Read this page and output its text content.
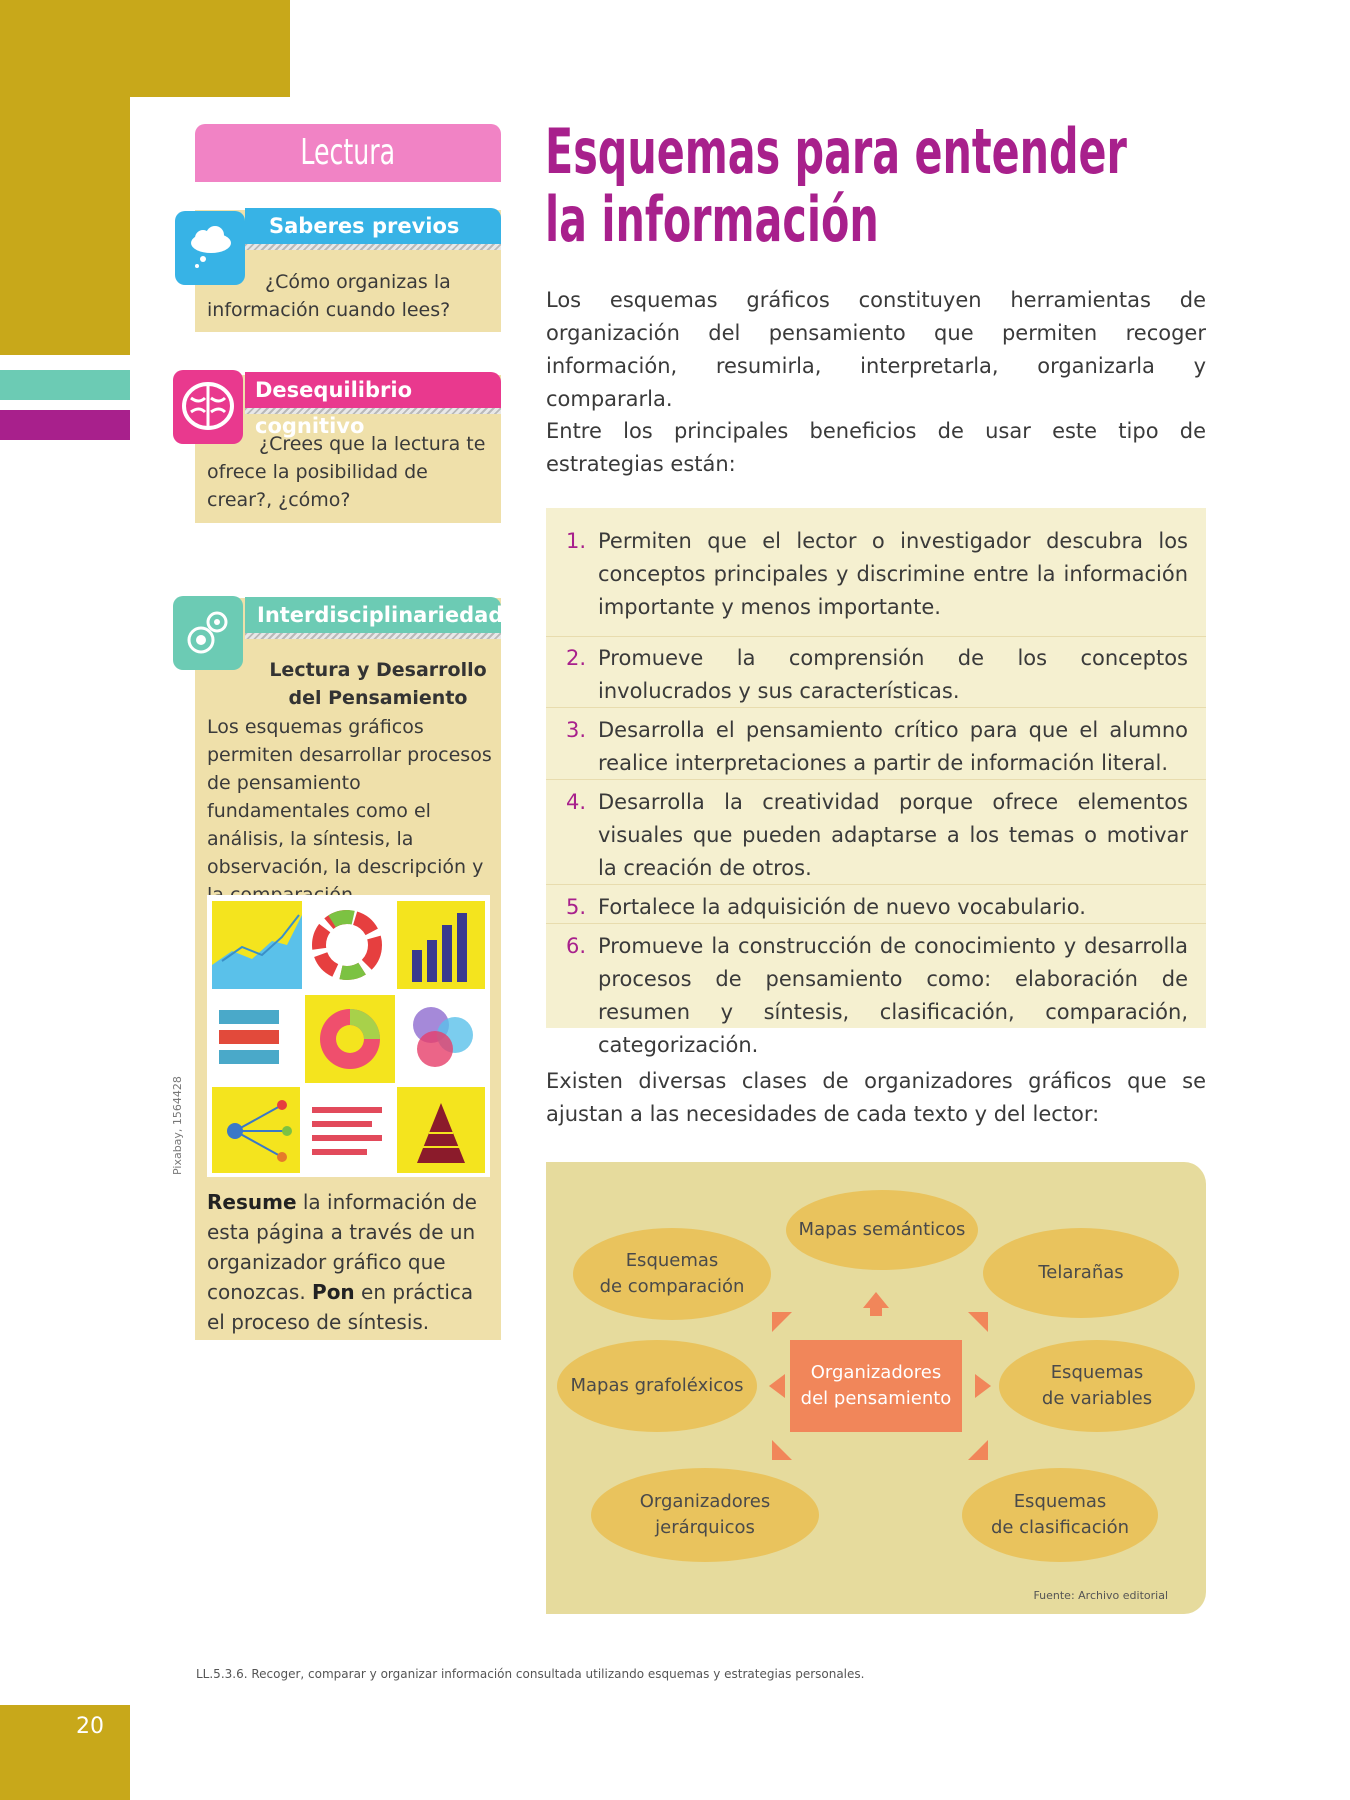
20
Lectura
Saberes previos
¿Cómo organizas la información cuando lees?
Desequilibrio cognitivo
¿Crees que la lectura te ofrece la posibilidad de crear?, ¿cómo?
Interdisciplinariedad
Lectura y Desarrollo del Pensamiento
Los esquemas gráficos permiten desarrollar procesos de pensamiento fundamentales como el análisis, la síntesis, la observación, la descripción y
Pixabay, 1564428
Resume la información de esta página a través de un organizador gráfico que conozcas. Pon en práctica el proceso de síntesis.
Esquemas para entender
la información
Los esquemas gráficos constituyen herramientas de organización del pensamiento que permiten recoger información, resumirla, interpretarla, organizarla y compararla.
Entre los principales beneficios de usar este tipo de estrategias están:
1. Permiten que el lector o investigador descubra los conceptos principales y discrimine entre la información importante y menos importante.
2. Promueve la comprensión de los conceptos involucrados y sus características.
3. Desarrolla el pensamiento crítico para que el alumno realice interpretaciones a partir de información literal.
4. Desarrolla la creatividad porque ofrece elementos visuales que pueden adaptarse a los temas o motivar la creación de otros.
5. Fortalece la adquisición de nuevo vocabulario.
6. Promueve la construcción de conocimiento y desarrolla procesos de pensamiento como: elaboración de resumen y síntesis, clasificación, comparación, categorización.
Existen diversas clases de organizadores gráficos que se ajustan a las necesidades de cada texto y del lector:
Mapas semánticos
Esquemas
de comparación
Telarañas
Mapas grafoléxicos
Organizadores
del pensamiento
Esquemas
de variables
Organizadores
jerárquicos
Esquemas
de clasificación
Fuente: Archivo editorial
LL.5.3.6. Recoger, comparar y organizar información consultada utilizando esquemas y estrategias personales.
